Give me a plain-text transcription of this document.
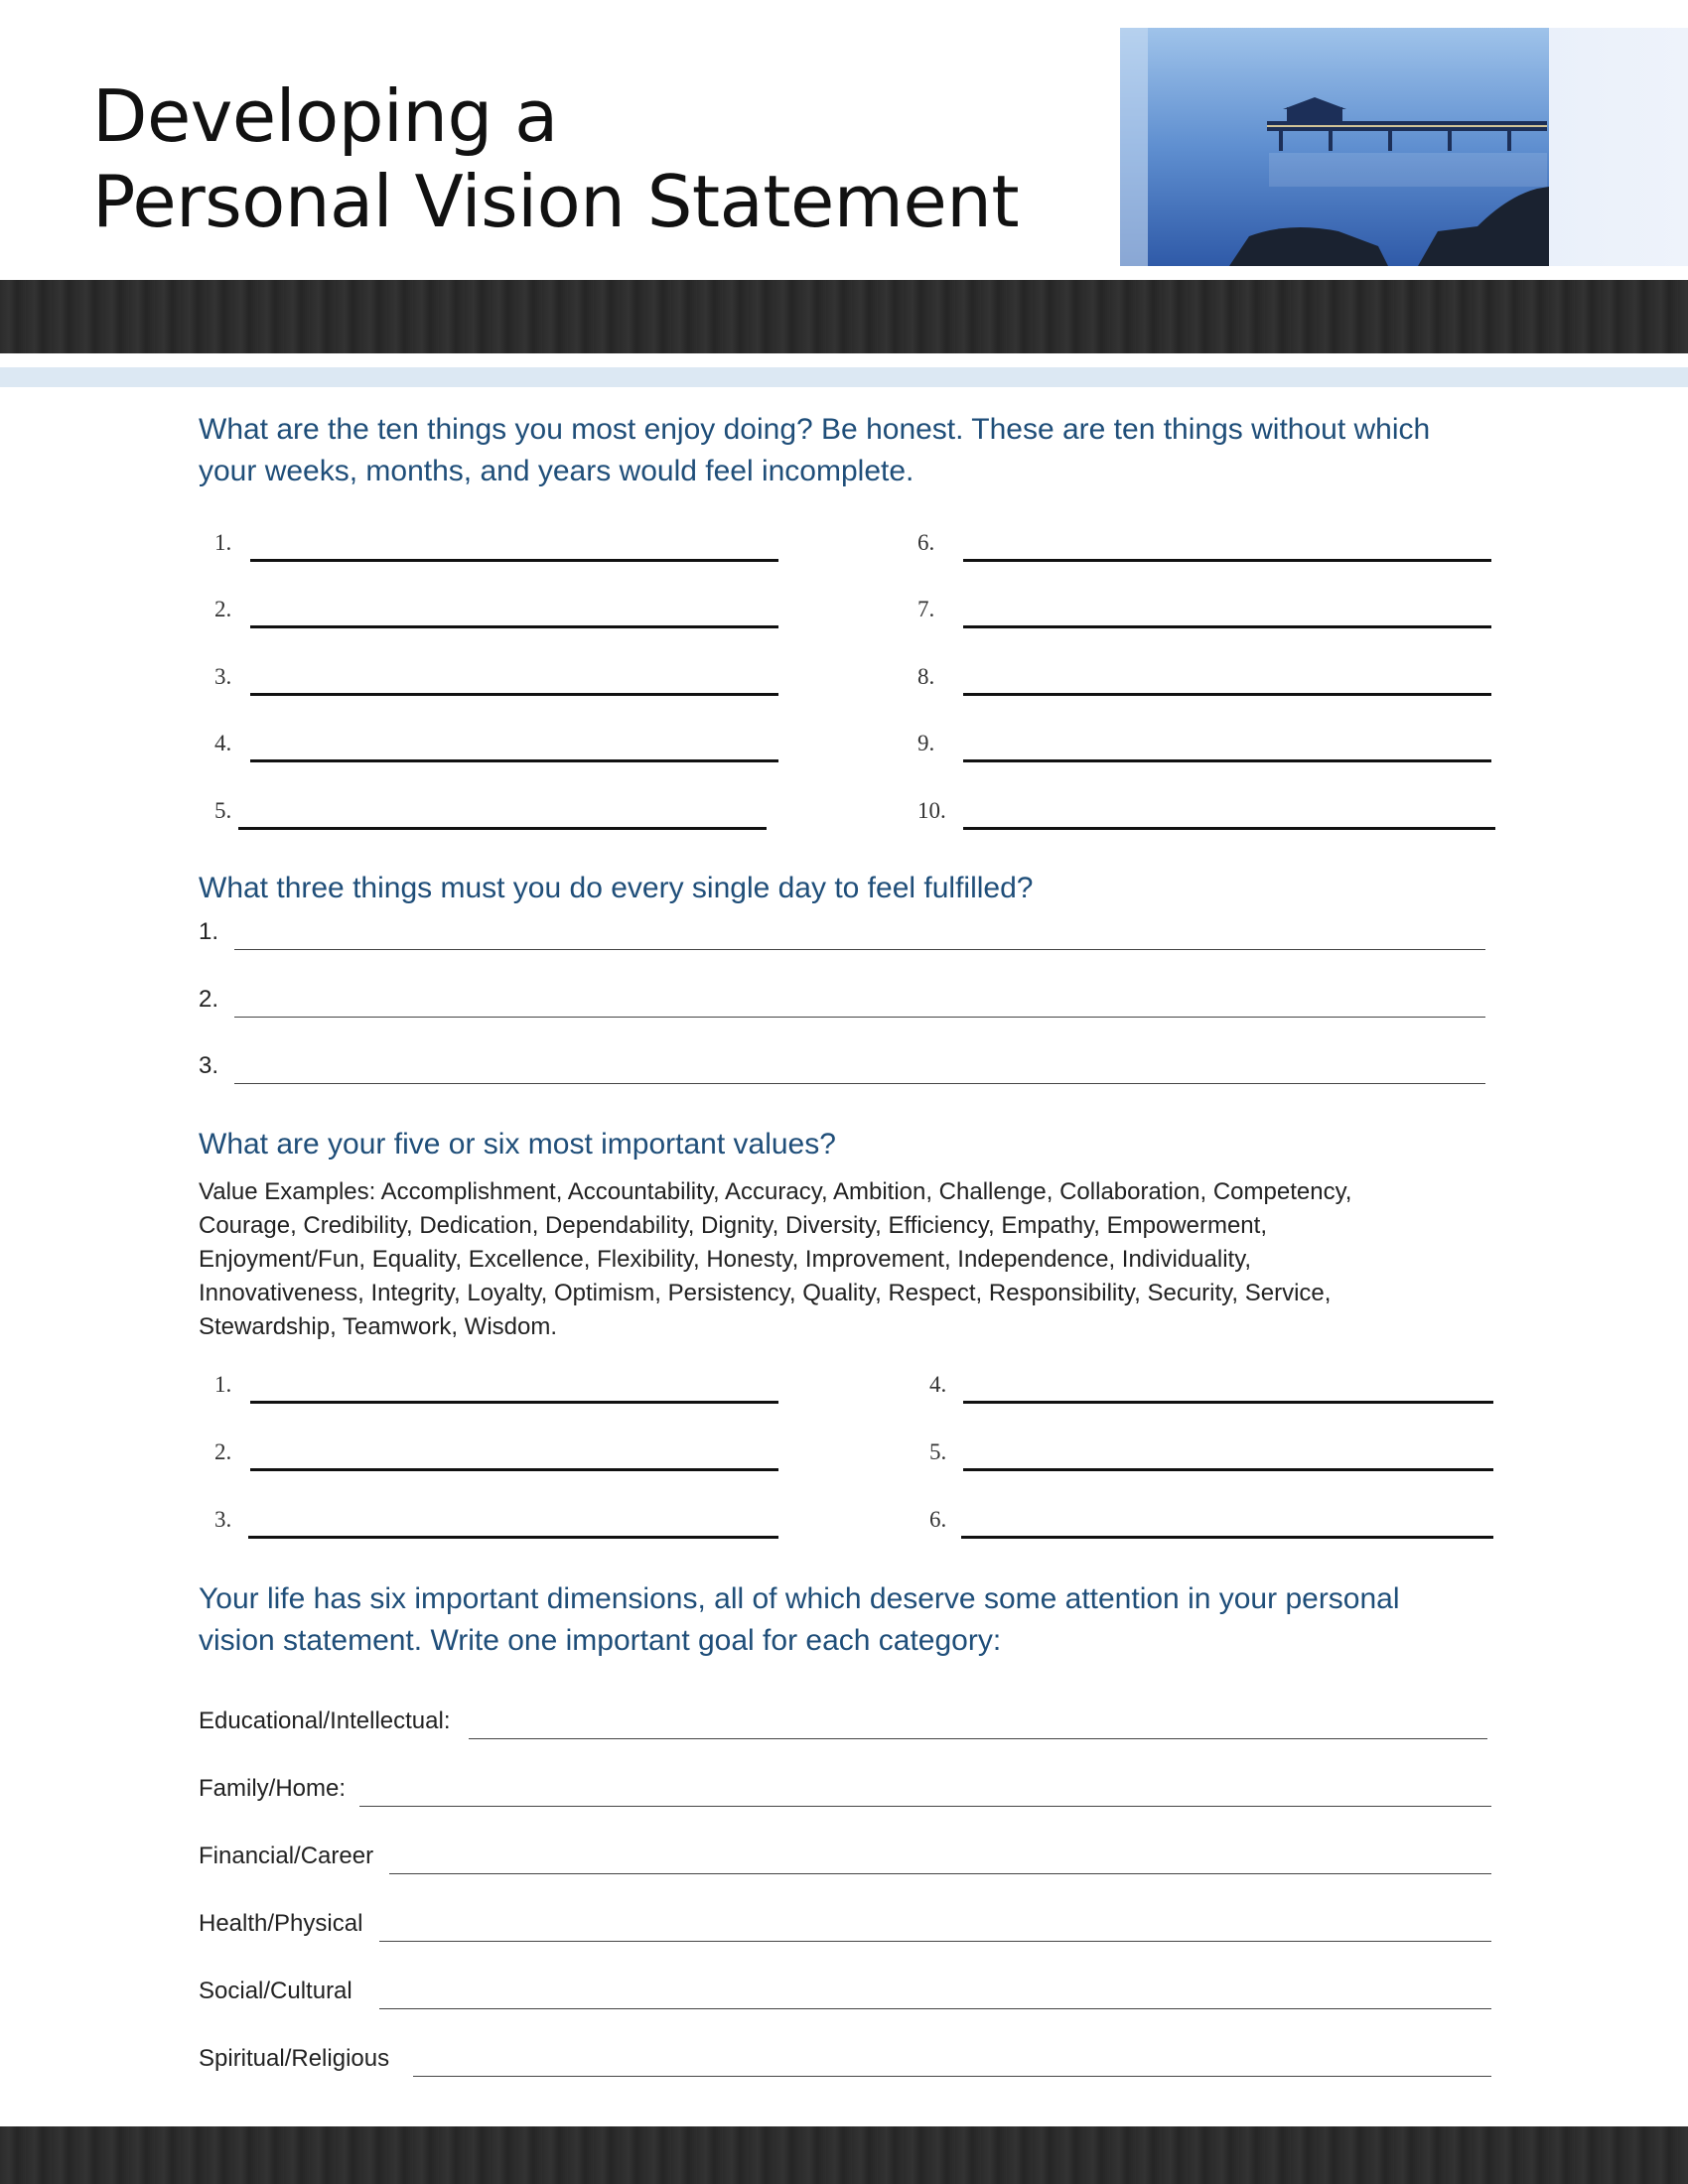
Developing a
Personal Vision Statement

What are the ten things you most enjoy doing? Be honest. These are ten things without which your weeks, months, and years would feel incomplete.

1.
2.
3.
4.
5.
6.
7.
8.
9.
10.

What three things must you do every single day to feel fulfilled?

1.
2.
3.

What are your five or six most important values?

Value Examples: Accomplishment, Accountability, Accuracy, Ambition, Challenge, Collaboration, Competency, Courage, Credibility, Dedication, Dependability, Dignity, Diversity, Efficiency, Empathy, Empowerment, Enjoyment/Fun, Equality, Excellence, Flexibility, Honesty, Improvement, Independence, Individuality, Innovativeness, Integrity, Loyalty, Optimism, Persistency, Quality, Respect, Responsibility, Security, Service, Stewardship, Teamwork, Wisdom.

1.
2.
3.
4.
5.
6.

Your life has six important dimensions, all of which deserve some attention in your personal vision statement. Write one important goal for each category:

Educational/Intellectual:
Family/Home:
Financial/Career
Health/Physical
Social/Cultural
Spiritual/Religious
